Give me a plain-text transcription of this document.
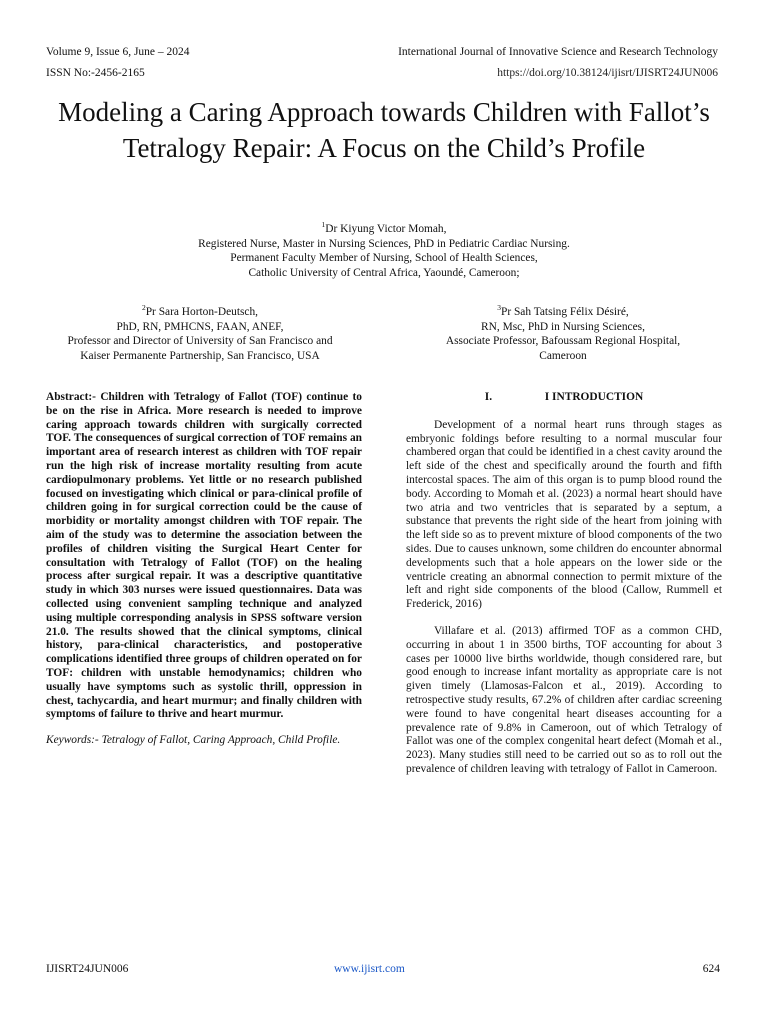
Volume 9, Issue 6, June – 2024	International Journal of Innovative Science and Research Technology
ISSN No:-2456-2165	https://doi.org/10.38124/ijisrt/IJISRT24JUN006
Modeling a Caring Approach towards Children with Fallot’s Tetralogy Repair: A Focus on the Child’s Profile
$^1$Dr Kiyung Victor Momah,
Registered Nurse, Master in Nursing Sciences, PhD in Pediatric Cardiac Nursing.
Permanent Faculty Member of Nursing, School of Health Sciences,
Catholic University of Central Africa, Yaoundé, Cameroon;
$^2$Pr Sara Horton-Deutsch,
PhD, RN, PMHCNS, FAAN, ANEF,
Professor and Director of University of San Francisco and
Kaiser Permanente Partnership, San Francisco, USA
$^3$Pr Sah Tatsing Félix Désiré,
RN, Msc, PhD in Nursing Sciences,
Associate Professor, Bafoussam Regional Hospital,
Cameroon

Abstract:- Children with Tetralogy of Fallot (TOF) continue to be on the rise in Africa. More research is needed to improve caring approach towards children with surgically corrected TOF. The consequences of surgical correction of TOF remains an important area of research interest as children with TOF repair run the high risk of increase mortality resulting from acute cardiopulmonary problems. Yet little or no research published focused on investigating which clinical or para-clinical profile of children going in for surgical correction could be the cause of morbidity or mortality amongst children with TOF repair. The aim of the study was to determine the association between the profiles of children visiting the Surgical Heart Center for consultation with Tetralogy of Fallot (TOF) on the healing process after surgical repair. It was a descriptive quantitative study in which 303 nurses were issued questionnaires. Data was collected using convenient sampling technique and analyzed using multiple corresponding analysis in SPSS software version 21.0. The results showed that the clinical symptoms, clinical history, para-clinical characteristics, and postoperative complications identified three groups of children operated on for TOF: children with unstable hemodynamics; children who usually have symptoms such as systolic thrill, oppression in chest, tachycardia, and heart murmur; and finally children with symptoms of failure to thrive and heart murmur.

Keywords:- Tetralogy of Fallot, Caring Approach, Child Profile.

I.	I INTRODUCTION

Development of a normal heart runs through stages as embryonic foldings before resulting to a normal muscular four chambered organ that could be identified in a chest cavity around the left side of the chest and specifically around the fourth and fifth intercostal spaces. The aim of this organ is to pump blood round the body. According to Momah et al. (2023) a normal heart should have two atria and two ventricles that is separated by a septum, a substance that prevents the right side of the heart from joining with the left side so as to prevent mixture of blood components of the two sides. Due to causes unknown, some children do encounter abnormal developments such that a hole appears on the lower side or the ventricle creating an abnormal connection to permit mixture of the left and right side components of the blood (Callow, Rummell et Frederick, 2016)

Villafare et al. (2013) affirmed TOF as a common CHD, occurring in about 1 in 3500 births, TOF accounting for about 3 cases per 10000 live births worldwide, though considered rare, but good enough to increase infant mortality as appropriate care is not given timely (Llamosas-Falcon et al., 2019). According to retrospective study results, 67.2% of children after cardiac screening were found to have congenital heart diseases accounting for a prevalence rate of 9.8% in Cameroon, out of which Tetralogy of Fallot was one of the complex congenital heart defect (Momah et al., 2023). Many studies still need to be carried out so as to roll out the prevalence of children leaving with tetralogy of Fallot in Cameroon.

IJISRT24JUN006	www.ijisrt.com	624
